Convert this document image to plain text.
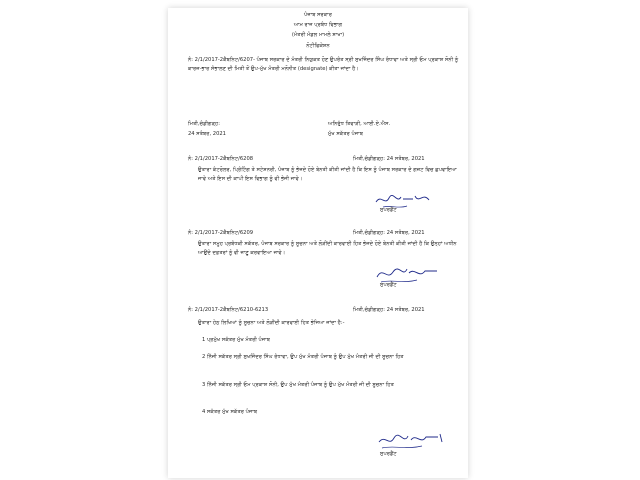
ਪੰਜਾਬ ਸਰਕਾਰ
ਆਮ ਰਾਜ ਪ੍ਰਬੰਧ ਵਿਭਾਗ
(ਮੰਤਰੀ ਮੰਡਲ ਮਾਮਲੇ ਸ਼ਾਖਾ)
ਨੋਟੀਫਿਕੇਸ਼ਨ
ਨੰ: 2/1/2017-2ਕੈਬਨਿਟ/6207- ਪੰਜਾਬ ਸਰਕਾਰ ਦੇ ਮੰਤਰੀ ਨਿਯੁਕਤ ਹੋਣ ਉਪਰੰਤ ਸ੍ਰੀ ਸੁਖਜਿੰਦਰ ਸਿੰਘ ਰੰਧਾਵਾ ਅਤੇ ਸ੍ਰੀ ਓਮ ਪ੍ਰਕਾਸ਼ ਸੋਨੀ ਨੂੰ ਕਾਰਜ-ਭਾਰ ਸੰਭਾਲਣ ਦੀ ਮਿਤੀ ਤੋਂ ਉਪ-ਮੁੱਖ ਮੰਤਰੀ ਮਨੋਨੀਤ (designate) ਕੀਤਾ ਜਾਂਦਾ ਹੈ।
ਮਿਤੀ,ਚੰਡੀਗੜ੍ਹ:
24 ਸਤੰਬਰ, 2021
ਅਨਿਰੁੱਧ ਤਿਵਾੜੀ, ਆਈ.ਏ.ਐਸ.
ਮੁੱਖ ਸਕੱਤਰ ਪੰਜਾਬ
ਨੰ: 2/1/2017-2ਕੈਬਨਿਟ/6208	ਮਿਤੀ,ਚੰਡੀਗੜ੍ਹ: 24 ਸਤੰਬਰ, 2021
ਉਤਾਰਾ ਕੰਟਰੋਲਰ, ਪ੍ਰਿੰਟਿੰਗ ਤੇ ਸਟੇਸ਼ਨਰੀ, ਪੰਜਾਬ ਨੂੰ ਭੇਜਦੇ ਹੋਏ ਬੇਨਤੀ ਕੀਤੀ ਜਾਂਦੀ ਹੈ ਕਿ ਇਸ ਨੂੰ ਪੰਜਾਬ ਸਰਕਾਰ ਦੇ ਗਜ਼ਟ ਵਿਚ ਛਪਵਾਇਆ ਜਾਵੇ ਅਤੇ ਇਸ ਦੀ ਕਾਪੀ ਇਸ ਵਿਭਾਗ ਨੂੰ ਵੀ ਭੇਜੀ ਜਾਵੇ।
ਸੁਪਰਡੈਂਟ
ਨੰ: 2/1/2017-2ਕੈਬਨਿਟ/6209	ਮਿਤੀ,ਚੰਡੀਗੜ੍ਹ: 24 ਸਤੰਬਰ, 2021
ਉਤਾਰਾ ਸਮੂਹ ਪ੍ਰਬੰਧਕੀ ਸਕੱਤਰ, ਪੰਜਾਬ ਸਰਕਾਰ ਨੂੰ ਸੂਚਨਾ ਅਤੇ ਲੋੜੀਂਦੀ ਕਾਰਵਾਈ ਹਿਤ ਭੇਜਦੇ ਹੋਏ ਬੇਨਤੀ ਕੀਤੀ ਜਾਂਦੀ ਹੈ ਕਿ ਉਨ੍ਹਾਂ ਅਧੀਨ ਆਉਂਦੇ ਦਫ਼ਤਰਾਂ ਨੂੰ ਵੀ ਜਾਣੂ ਕਰਵਾਇਆ ਜਾਵੇ।
ਸੁਪਰਡੈਂਟ
ਨੰ: 2/1/2017-2ਕੈਬਨਿਟ/6210-6213	ਮਿਤੀ,ਚੰਡੀਗੜ੍ਹ: 24 ਸਤੰਬਰ, 2021
ਉਤਾਰਾ ਹੇਠ ਲਿਖਿਆਂ ਨੂੰ ਸੂਚਨਾ ਅਤੇ ਲੋੜੀਂਦੀ ਕਾਰਵਾਈ ਹਿਤ ਭੇਜਿਆ ਜਾਂਦਾ ਹੈ:-
1 ਪ੍ਰਮੁੱਖ ਸਕੱਤਰ ਮੁੱਖ ਮੰਤਰੀ ਪੰਜਾਬ
2 ਨਿੱਜੀ ਸਕੱਤਰ ਸ੍ਰੀ ਸੁਖਜਿੰਦਰ ਸਿੰਘ ਰੰਧਾਵਾ, ਉਪ ਮੁੱਖ ਮੰਤਰੀ ਪੰਜਾਬ ਨੂੰ ਉਪ ਮੁੱਖ ਮੰਤਰੀ ਜੀ ਦੀ ਸੂਚਨਾ ਹਿਤ
3 ਨਿੱਜੀ ਸਕੱਤਰ ਸ੍ਰੀ ਓਮ ਪ੍ਰਕਾਸ਼ ਸੋਨੀ, ਉਪ ਮੁੱਖ ਮੰਤਰੀ ਪੰਜਾਬ ਨੂੰ ਉਪ ਮੁੱਖ ਮੰਤਰੀ ਜੀ ਦੀ ਸੂਚਨਾ ਹਿਤ
4 ਸਕੱਤਰ ਮੁੱਖ ਸਕੱਤਰ ਪੰਜਾਬ
ਸੁਪਰਡੈਂਟ
